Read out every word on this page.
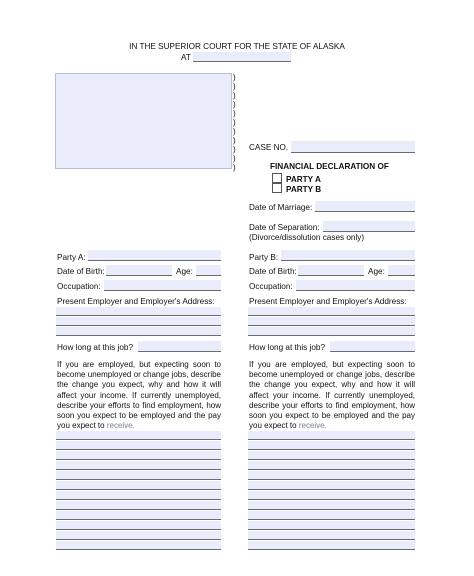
IN THE SUPERIOR COURT FOR THE STATE OF ALASKA
AT
)
)
)
)
)
)
)
)
)
)
)
CASE NO.
FINANCIAL DECLARATION OF
PARTY A
PARTY B
Date of Marriage:
Date of Separation:
(Divorce/dissolution cases only)
Party A:
Date of Birth:	Age:
Occupation:
Present Employer and Employer's Address:
How long at this job?
If you are employed, but expecting soon to become unemployed or change jobs, describe the change you expect, why and how it will affect your income. If currently unemployed, describe your efforts to find employment, how soon you expect to be employed and the pay you expect to receive.
Party B:
Date of Birth:	Age:
Occupation:
Present Employer and Employer's Address:
How long at this job?
If you are employed, but expecting soon to become unemployed or change jobs, describe the change you expect, why and how it will affect your income. If currently unemployed, describe your efforts to find employment, how soon you expect to be employed and the pay you expect to receive.
